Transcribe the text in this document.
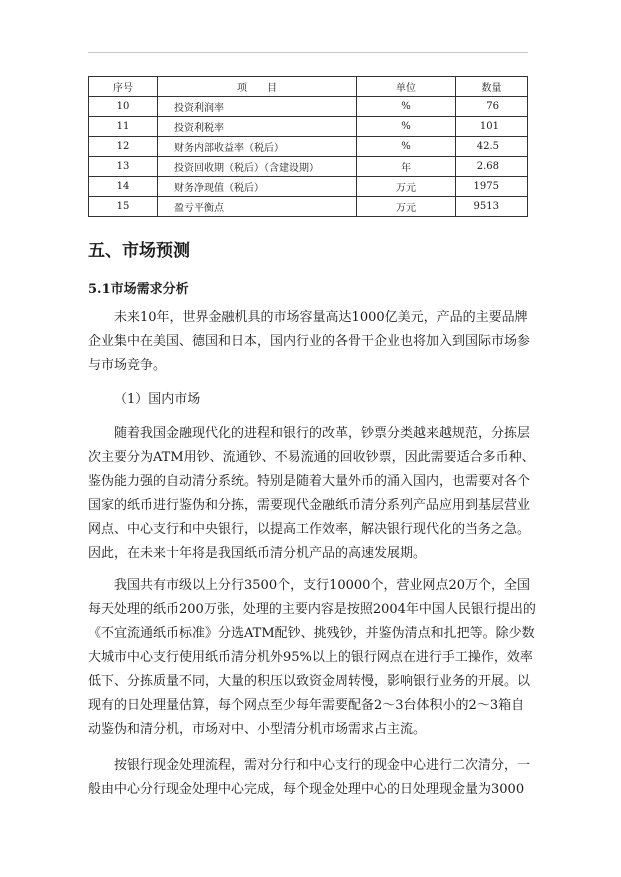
序号	项　　目	单位	数量
10	投资利润率	%	76
11	投资利税率	%	101
12	财务内部收益率（税后）	%	42.5
13	投资回收期（税后）（含建设期）	年	2.68
14	财务净现值（税后）	万元	1975
15	盈亏平衡点	万元	9513
五、市场预测
5.1市场需求分析
未来10年，世界金融机具的市场容量高达1000亿美元，产品的主要品牌
企业集中在美国、德国和日本，国内行业的各骨干企业也将加入到国际市场参
与市场竞争。
（1）国内市场
随着我国金融现代化的进程和银行的改革，钞票分类越来越规范，分拣层
次主要分为ATM用钞、流通钞、不易流通的回收钞票，因此需要适合多币种、
鉴伪能力强的自动清分系统。特别是随着大量外币的涌入国内，也需要对各个
国家的纸币进行鉴伪和分拣，需要现代金融纸币清分系列产品应用到基层营业
网点、中心支行和中央银行，以提高工作效率，解决银行现代化的当务之急。
因此，在未来十年将是我国纸币清分机产品的高速发展期。
我国共有市级以上分行3500个，支行10000个，营业网点20万个，全国
每天处理的纸币200万张，处理的主要内容是按照2004年中国人民银行提出的
《不宜流通纸币标准》分选ATM配钞、挑残钞，并鉴伪清点和扎把等。除少数
大城市中心支行使用纸币清分机外95%以上的银行网点在进行手工操作，效率
低下、分拣质量不同，大量的积压以致资金周转慢，影响银行业务的开展。以
现有的日处理量估算，每个网点至少每年需要配备2～3台体积小的2～3箱自
动鉴伪和清分机，市场对中、小型清分机市场需求占主流。
按银行现金处理流程，需对分行和中心支行的现金中心进行二次清分，一
般由中心分行现金处理中心完成，每个现金处理中心的日处理现金量为3000
